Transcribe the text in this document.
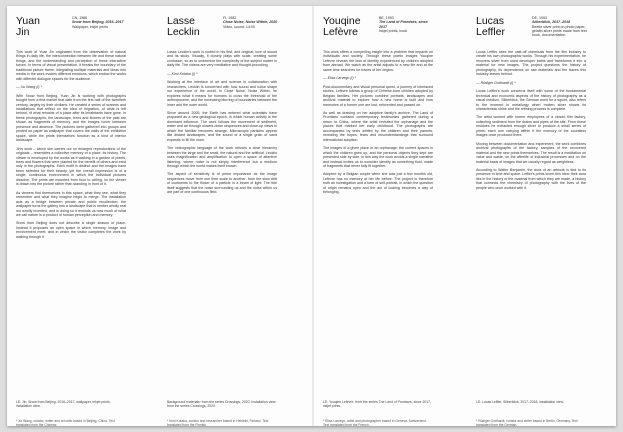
Yuan
Jin
CN, 1986
Snow from Beijing, 2016–2017
Wallpaper, inkjet prints

This work of Yuan Jin originated from the observation of natural things in daily life, the interconnection between life and these natural things, and the understanding and perception of these interactive forces. In terms of visual presentation, it breaks the boundary of the traditional picture frame, integrating multiple materials and ideas into media in the work evokes different emotions, which endow the works with different dialogue spaces for the audience.

— Xu Wang (i) *

With Snow from Beijing, Yuan Jin is working with photographs bought from a flea market that date from the first half of the twentieth century, largely by their civilians. He created a series of screens and installations that reflect on the idea of migration, of what is left behind, of what remains of a place after its inhabitants have gone. In these photographs, the landscape, trees and flowers of the past are shown as fragments of memory, and the images hover between presence and absence. The pictures were gathered into groups and printed on paper as wallpaper that covers the walls of the exhibition space, while the prints themselves function as a kind of interior landscape.

Jin's work – which she carries out on enlarged reproductions of the originals – resembles a collective memory of a place, its history. The viewer is enveloped by the works as if walking in a garden of plants, trees and flowers that were planted for the benefit of others and exist only in the photographs. Each motif is distinct and the images have been selected for their beauty, yet the overall impression is of a single, continuous environment in which the individual pictures dissolve. The prints are mounted from floor to ceiling, so the viewer is drawn into the picture rather than standing in front of it.

As viewers find themselves in this space, what they see, what they remember and what they imagine begin to merge. The installation acts as a bridge between private and public recollection; the wallpaper turns the gallery into a landscape that is neither wholly real nor wholly invented, and in doing so it reminds us how much of what we call nature is a product of human perception and memory.

Snow from Beijing does not describe a single season or place. Instead it proposes an open space in which memory, image and environment meet, and in which the visitor completes the work by walking through it.

LE: Jin, Snow from Beijing, 2016–2017, wallpaper, inkjet prints, installation view.
* Xu Wang, curator, writer and art critic based in Beijing, China. Text translated from the Chinese.
Lasse
Lecklin
FI, 1983
Close Noise, Noise Within, 2020
Video, sound, 14:00

Lasse Lecklin's work is rooted in his first, and original, love of sound and its study. Visually, it closely plays with scale, creating some confusion, so as to undermine the complexity of the subject matter in daily life. The videos are very meditative and thought-provoking.

— Kimi Kotaka (i) *

Working at the interface of art and science in collaboration with researchers, Lecklin is concerned with how sound and noise shape our experience of the world. In Close Noise, Noise Within, he explores what it means for humans to cross the threshold of the anthropocene, and the increasing blurring of boundaries between the inner and the outer world.

Since around 2005, the Earth has entered what scientists have proposed as a new geological epoch, in which human activity is the dominant influence. The work follows the movement of sediment, water and air through slowed-down sequences and close-up views in which the familiar becomes strange. Microscopic particles appear like distant landscapes, and the sound of a single grain of sand expands to fill the room.

The videographic language of the work refuses a clear hierarchy between the large and the small, the natural and the artificial. Lecklin uses magnification and amplification to open a space of attentive listening, where noise is not simply interference but a medium through which the world makes itself known.

The aspect of sensitivity is of prime importance as the image sequences move from one time scale to another: from the slow drift of continents to the flicker of a particle in a beam of light. The title itself suggests that the noise surrounding us and the noise within us are part of one continuous field.

Background materials: from the series Crossings, 2020. Installation view: from the series Crossings, 2020.
* Kimi Kotaka, curator and researcher based in Helsinki, Finland. Text translated from the Finnish.
Youqine
Lefèvre
BE, 1993
The Land of Promises, since 2017
Inkjet prints, book

This work offers a compelling insight into a problem that impacts on individuals and society. Through these poetic images Youqine Lefèvre reveals the loss of identity experienced by children adopted from abroad. We watch as the artist adjusts to a new life and at the same time searches for traces of her origins.

— Elisa Larvego (i) *

Post-documentary and visual personal quest, a journey of interlaced stories, Lefèvre follows a group of Chinese-born children adopted by Belgian families. Her pictures combine portraits, landscapes and archival material to explore how a new home is built and how memories of a former one are lost, reinvented and passed on.

As well as drawing on her adoptive family's archive, The Land of Promises contains contemporary testimonies gathered during a return to China, where the artist revisited the orphanage and the places that marked her early childhood. The photographs are accompanied by texts written by the children and their parents, revealing the hopes, fears and misunderstandings that surround international adoption.

The images of a given place or an orphanage, the current spaces in which the children grew up, and the personal objects they kept are presented side by side. In this way the work avoids a single narrative and instead invites us to consider identity as something fluid, made of fragments that never fully fit together.

Adopted by a Belgian couple when she was just a few months old, Lefèvre has no memory of her life before. The project is therefore both an investigation and a form of self-portrait, in which the question of origin remains open and the act of looking becomes a way of belonging.

LE: Youqine Lefèvre, from the series The Land of Promises, since 2017, inkjet prints.
* Elisa Larvego, artist and photographer based in Geneva, Switzerland. Text translated from the French.
Lucas
Leffler
DE, 1993
Silberblick, 2017–2018
Beetle silver print on photo paper, gelatin silver prints made from test book, documentation

Lucas Leffler uses the cast-off chemicals from the film industry to create his own photographic works. Through his experimentation, he recovers silver from used developer baths and transforms it into a material for new images. The project questions the history of photography, its dependence on raw materials and the traces this industry leaves behind.

— Rüdiger Gotthardt (i) *

Lucas Leffler's work concerns itself with some of the fundamental technical and economic aspects of the history of photography as a visual medium. Silberblick, the German word for a squint, also refers to the moment in metallurgy when molten silver shows its characteristic shine and the refining process is complete.

The artist worked with former employees of a closed film factory, collecting sediment from the drains and pipes of the site. From these residues he extracted enough silver to produce a small series of prints, each one carrying within it the memory of the countless images once produced there.

Moving between documentation and experiment, the work combines archival photographs of the factory, samples of the recovered material and the new prints themselves. The result is a meditation on value and waste, on the afterlife of industrial processes and on the material basis of images that we usually regard as weightless.

According to Walter Benjamin, the aura of an artwork is tied to its presence in time and space. Leffler's prints invert this idea: their aura lies in the history of the material from which they are made, a history that connects the chemistry of photography with the lives of the people who once worked with it.

LE: Lucas Leffler, Silberblick, 2017–2018, installation view.
* Rüdiger Gotthardt, curator and writer based in Berlin, Germany. Text translated from the German.
